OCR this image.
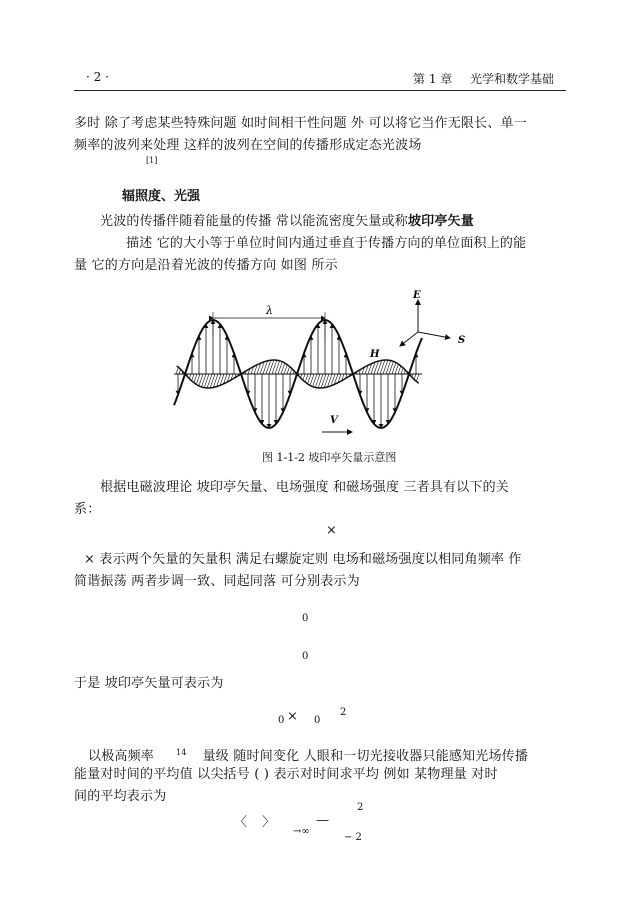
· 2 ·	第 1 章 光学和数学基础
多时 除了考虑某些特殊问题 如时间相干性问题 外 可以将它当作无限长、单一
频率的波列来处理 这样的波列在空间的传播形成定态光波场
[1]
辐照度、光强
光波的传播伴随着能量的传播 常以能流密度矢量或称坡印亭矢量
描述 它的大小等于单位时间内通过垂直于传播方向的单位面积上的能
量 它的方向是沿着光波的传播方向 如图 所示
λ
E
S
H
V
图 1-1-2 坡印亭矢量示意图
根据电磁波理论 坡印亭矢量、电场强度 和磁场强度 三者具有以下的关
系：
×
× 表示两个矢量的矢量积 满足右螺旋定则 电场和磁场强度以相同角频率 作
简谐振荡 两者步调一致、同起同落 可分别表示为
0
0
于是 坡印亭矢量可表示为
0 × 0
2
以极高频率	$^{14}$ 量级 随时间变化 人眼和一切光接收器只能感知光场传播
能量对时间的平均值 以尖括号 ( ) 表示对时间求平均 例如 某物理量 对时
间的平均表示为
2
〈 〉
→∞
—
− 2
